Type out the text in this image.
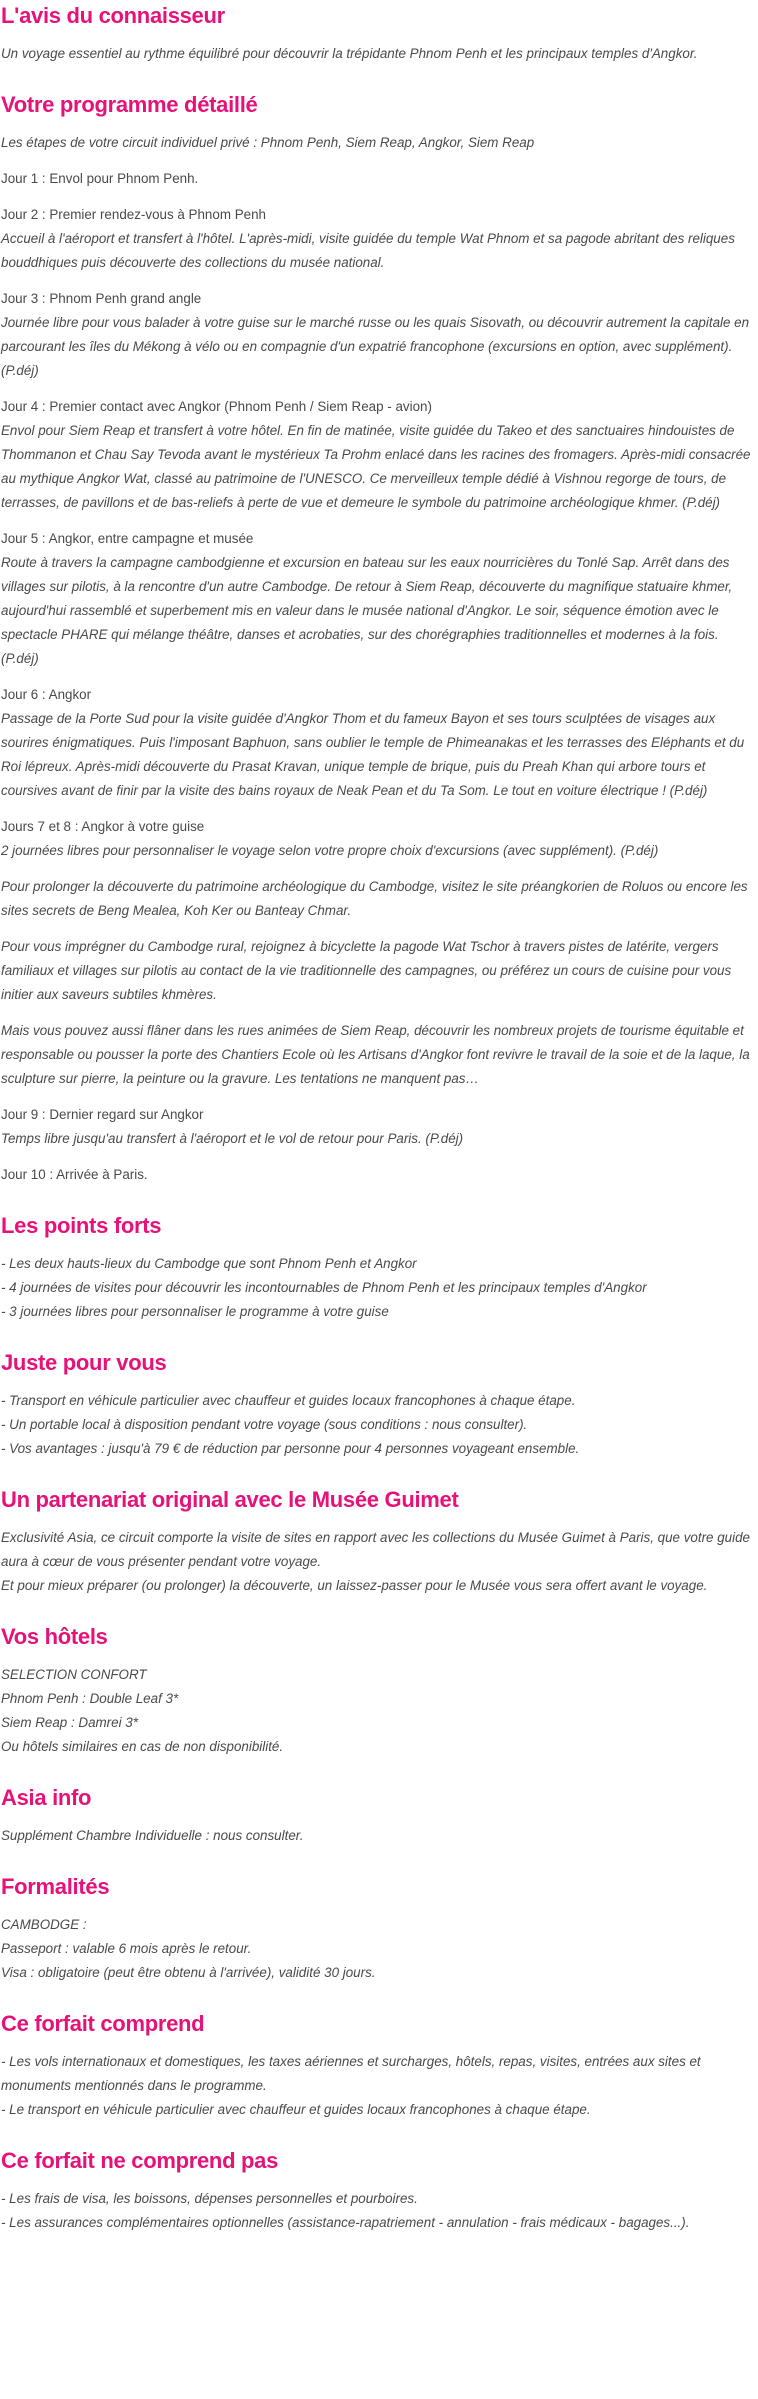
L'avis du connaisseur

Un voyage essentiel au rythme équilibré pour découvrir la trépidante Phnom Penh et les principaux temples d'Angkor.

Votre programme détaillé

Les étapes de votre circuit individuel privé : Phnom Penh, Siem Reap, Angkor, Siem Reap

Jour 1 : Envol pour Phnom Penh.

Jour 2 : Premier rendez-vous à Phnom Penh

Accueil à l'aéroport et transfert à l'hôtel. L'après-midi, visite guidée du temple Wat Phnom et sa pagode abritant des reliques bouddhiques puis découverte des collections du musée national.

Jour 3 : Phnom Penh grand angle

Journée libre pour vous balader à votre guise sur le marché russe ou les quais Sisovath, ou découvrir autrement la capitale en parcourant les îles du Mékong à vélo ou en compagnie d'un expatrié francophone (excursions en option, avec supplément). (P.déj)

Jour 4 : Premier contact avec Angkor (Phnom Penh / Siem Reap - avion)

Envol pour Siem Reap et transfert à votre hôtel. En fin de matinée, visite guidée du Takeo et des sanctuaires hindouistes de Thommanon et Chau Say Tevoda avant le mystérieux Ta Prohm enlacé dans les racines des fromagers. Après-midi consacrée au mythique Angkor Wat, classé au patrimoine de l'UNESCO. Ce merveilleux temple dédié à Vishnou regorge de tours, de terrasses, de pavillons et de bas-reliefs à perte de vue et demeure le symbole du patrimoine archéologique khmer. (P.déj)

Jour 5 : Angkor, entre campagne et musée

Route à travers la campagne cambodgienne et excursion en bateau sur les eaux nourricières du Tonlé Sap. Arrêt dans des villages sur pilotis, à la rencontre d'un autre Cambodge. De retour à Siem Reap, découverte du magnifique statuaire khmer, aujourd'hui rassemblé et superbement mis en valeur dans le musée national d'Angkor. Le soir, séquence émotion avec le spectacle PHARE qui mélange théâtre, danses et acrobaties, sur des chorégraphies traditionnelles et modernes à la fois. (P.déj)

Jour 6 : Angkor

Passage de la Porte Sud pour la visite guidée d'Angkor Thom et du fameux Bayon et ses tours sculptées de visages aux sourires énigmatiques. Puis l'imposant Baphuon, sans oublier le temple de Phimeanakas et les terrasses des Eléphants et du Roi lépreux. Après-midi découverte du Prasat Kravan, unique temple de brique, puis du Preah Khan qui arbore tours et coursives avant de finir par la visite des bains royaux de Neak Pean et du Ta Som. Le tout en voiture électrique ! (P.déj)

Jours 7 et 8 : Angkor à votre guise

2 journées libres pour personnaliser le voyage selon votre propre choix d'excursions (avec supplément). (P.déj)

Pour prolonger la découverte du patrimoine archéologique du Cambodge, visitez le site préangkorien de Roluos ou encore les sites secrets de Beng Mealea, Koh Ker ou Banteay Chmar.

Pour vous imprégner du Cambodge rural, rejoignez à bicyclette la pagode Wat Tschor à travers pistes de latérite, vergers familiaux et villages sur pilotis au contact de la vie traditionnelle des campagnes, ou préférez un cours de cuisine pour vous initier aux saveurs subtiles khmères.

Mais vous pouvez aussi flâner dans les rues animées de Siem Reap, découvrir les nombreux projets de tourisme équitable et responsable ou pousser la porte des Chantiers Ecole où les Artisans d'Angkor font revivre le travail de la soie et de la laque, la sculpture sur pierre, la peinture ou la gravure. Les tentations ne manquent pas…

Jour 9 : Dernier regard sur Angkor

Temps libre jusqu'au transfert à l'aéroport et le vol de retour pour Paris. (P.déj)

Jour 10 : Arrivée à Paris.

Les points forts

- Les deux hauts-lieux du Cambodge que sont Phnom Penh et Angkor

- 4 journées de visites pour découvrir les incontournables de Phnom Penh et les principaux temples d'Angkor

- 3 journées libres pour personnaliser le programme à votre guise

Juste pour vous

- Transport en véhicule particulier avec chauffeur et guides locaux francophones à chaque étape.

- Un portable local à disposition pendant votre voyage (sous conditions : nous consulter).

- Vos avantages : jusqu'à 79 € de réduction par personne pour 4 personnes voyageant ensemble.

Un partenariat original avec le Musée Guimet

Exclusivité Asia, ce circuit comporte la visite de sites en rapport avec les collections du Musée Guimet à Paris, que votre guide aura à cœur de vous présenter pendant votre voyage.

Et pour mieux préparer (ou prolonger) la découverte, un laissez-passer pour le Musée vous sera offert avant le voyage.

Vos hôtels

SELECTION CONFORT

Phnom Penh : Double Leaf 3*

Siem Reap : Damrei 3*

Ou hôtels similaires en cas de non disponibilité.

Asia info

Supplément Chambre Individuelle : nous consulter.

Formalités

CAMBODGE :

Passeport : valable 6 mois après le retour.

Visa : obligatoire (peut être obtenu à l'arrivée), validité 30 jours.

Ce forfait comprend

- Les vols internationaux et domestiques, les taxes aériennes et surcharges, hôtels, repas, visites, entrées aux sites et monuments mentionnés dans le programme.

- Le transport en véhicule particulier avec chauffeur et guides locaux francophones à chaque étape.

Ce forfait ne comprend pas

- Les frais de visa, les boissons, dépenses personnelles et pourboires.

- Les assurances complémentaires optionnelles (assistance-rapatriement - annulation - frais médicaux - bagages...).
